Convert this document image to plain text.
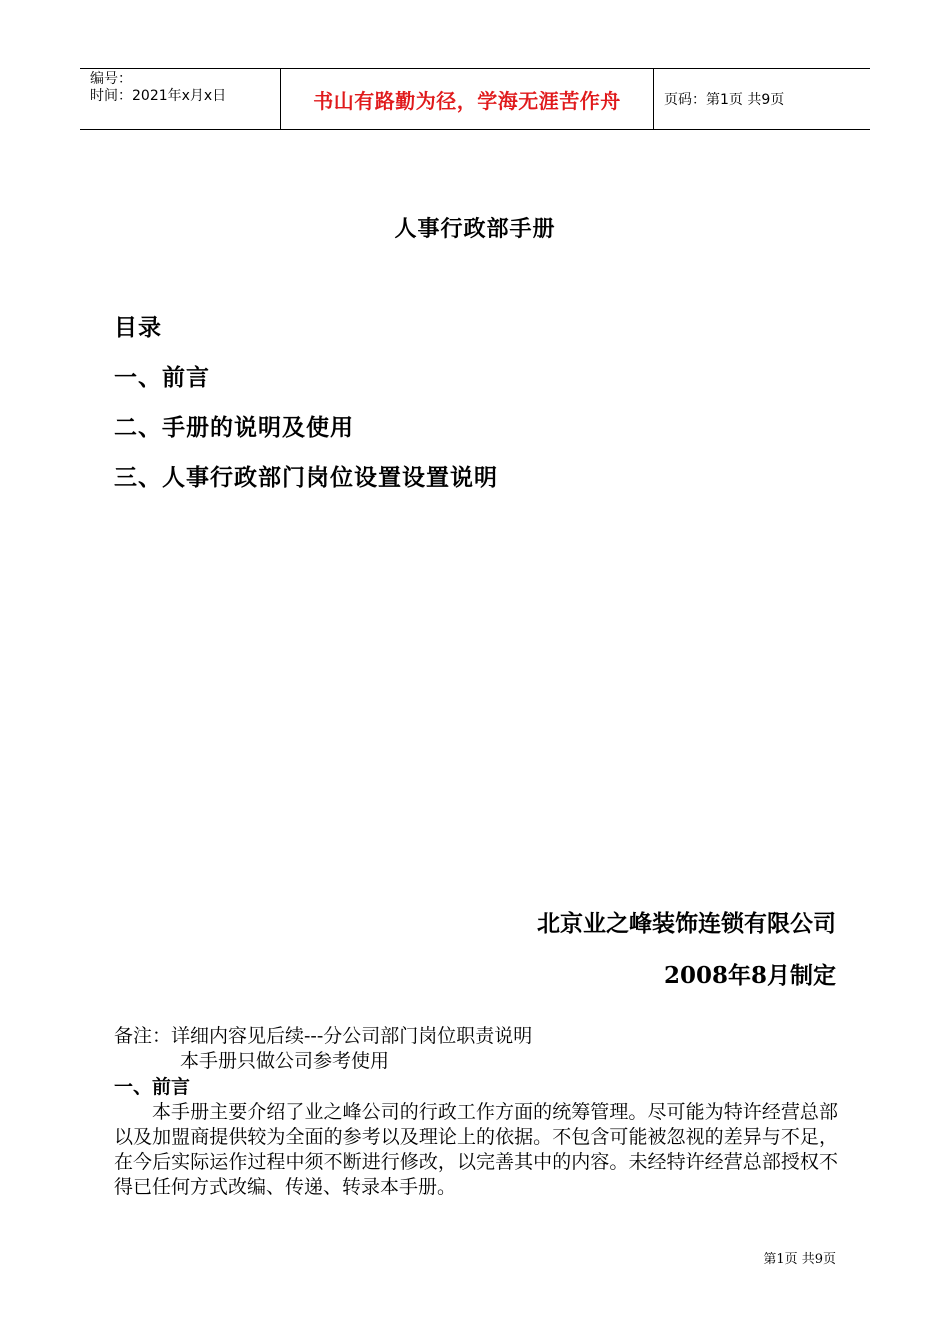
编号：
时间：2021年x月x日	书山有路勤为径，学海无涯苦作舟	页码：第1页 共9页
人事行政部手册
目录
一、前言
二、手册的说明及使用
三、人事行政部门岗位设置设置说明
北京业之峰装饰连锁有限公司
2008年8月制定
备注：详细内容见后续---分公司部门岗位职责说明
本手册只做公司参考使用
一、前言
本手册主要介绍了业之峰公司的行政工作方面的统筹管理。尽可能为特许经营总部以及加盟商提供较为全面的参考以及理论上的依据。不包含可能被忽视的差异与不足，在今后实际运作过程中须不断进行修改，以完善其中的内容。未经特许经营总部授权不得已任何方式改编、传递、转录本手册。
第1页 共9页
